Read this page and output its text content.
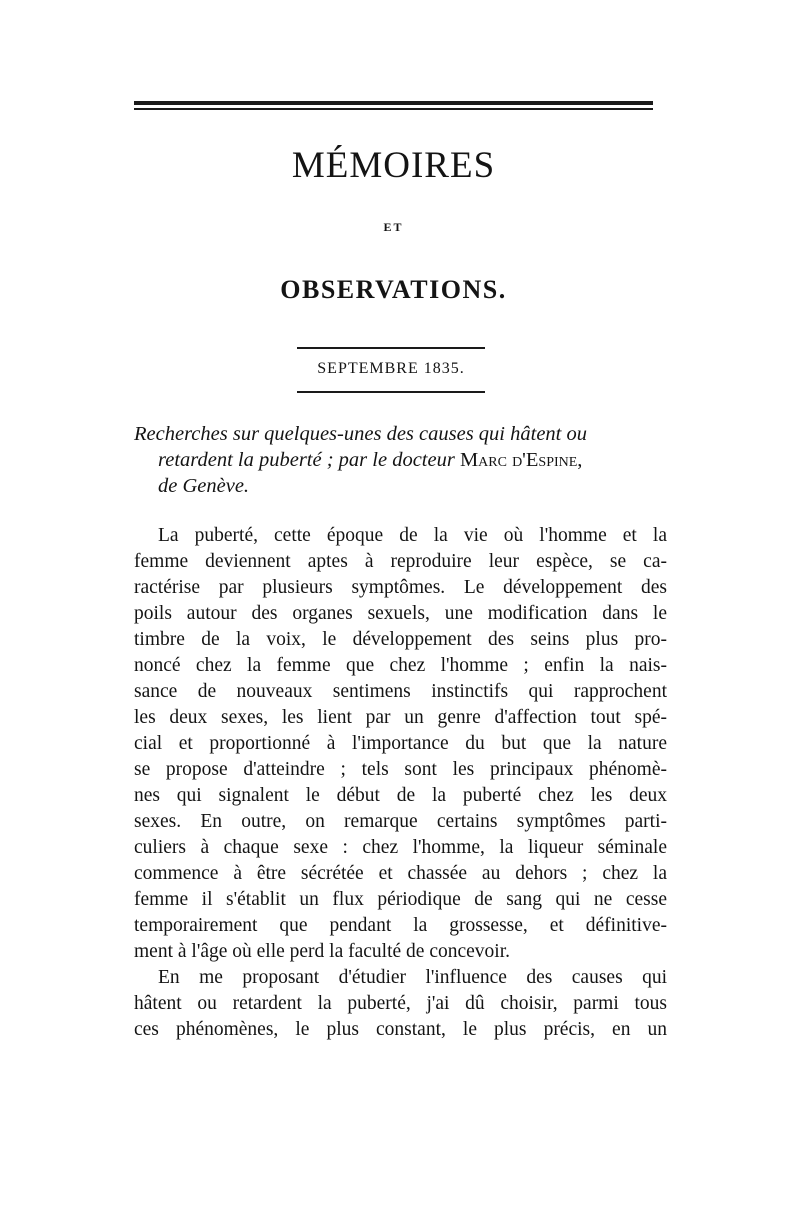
MÉMOIRES
ET
OBSERVATIONS.
SEPTEMBRE 1835.
Recherches sur quelques-unes des causes qui hâtent ou
retardent la puberté ; par le docteur Marc d'Espine,
de Genève.
La puberté, cette époque de la vie où l'homme et la
femme deviennent aptes à reproduire leur espèce, se ca-
ractérise par plusieurs symptômes. Le développement des
poils autour des organes sexuels, une modification dans le
timbre de la voix, le développement des seins plus pro-
noncé chez la femme que chez l'homme ; enfin la nais-
sance de nouveaux sentimens instinctifs qui rapprochent
les deux sexes, les lient par un genre d'affection tout spé-
cial et proportionné à l'importance du but que la nature
se propose d'atteindre ; tels sont les principaux phénomè-
nes qui signalent le début de la puberté chez les deux
sexes. En outre, on remarque certains symptômes parti-
culiers à chaque sexe : chez l'homme, la liqueur séminale
commence à être sécrétée et chassée au dehors ; chez la
femme il s'établit un flux périodique de sang qui ne cesse
temporairement que pendant la grossesse, et définitive-
ment à l'âge où elle perd la faculté de concevoir.
En me proposant d'étudier l'influence des causes qui
hâtent ou retardent la puberté, j'ai dû choisir, parmi tous
ces phénomènes, le plus constant, le plus précis, en un
